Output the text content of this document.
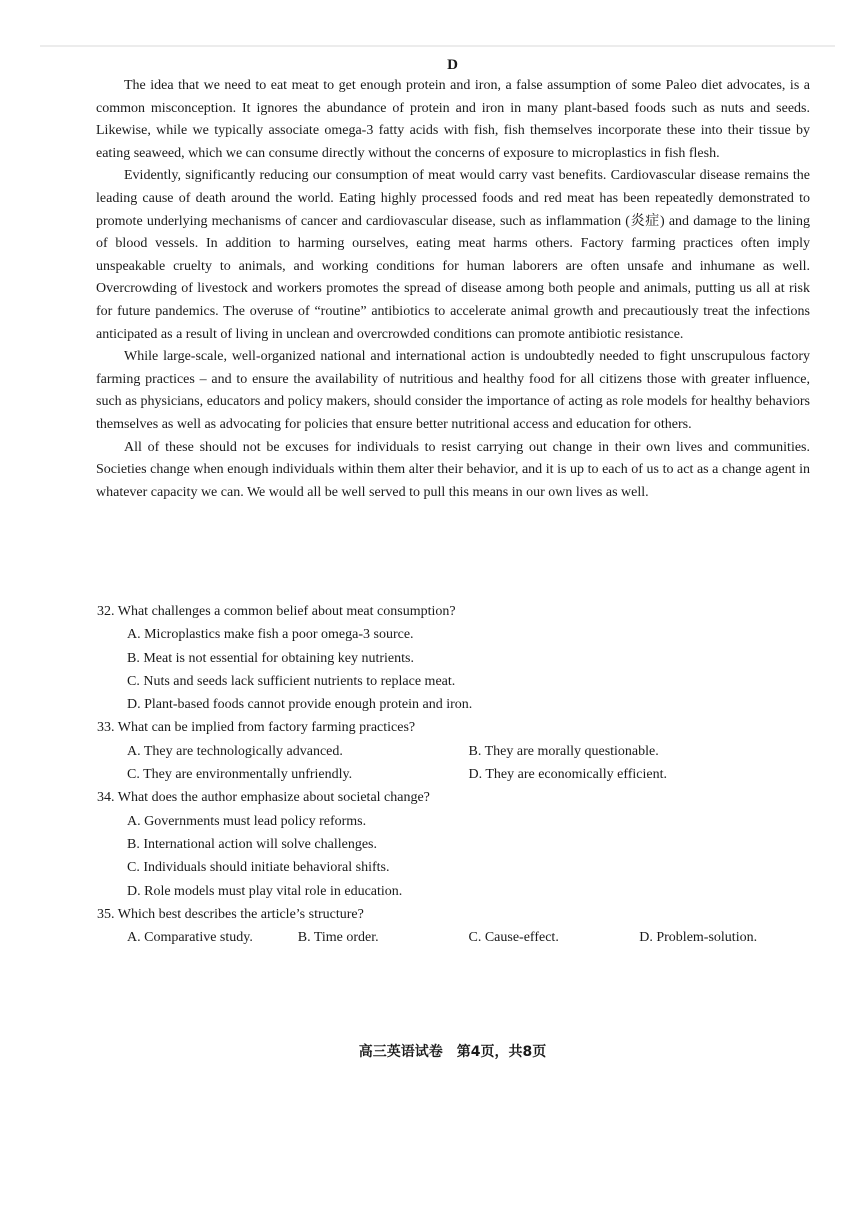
D

The idea that we need to eat meat to get enough protein and iron, a false assumption of some Paleo diet advocates, is a common misconception. It ignores the abundance of protein and iron in many plant-based foods such as nuts and seeds. Likewise, while we typically associate omega-3 fatty acids with fish, fish themselves incorporate these into their tissue by eating seaweed, which we can consume directly without the concerns of exposure to microplastics in fish flesh.

Evidently, significantly reducing our consumption of meat would carry vast benefits. Cardiovascular disease remains the leading cause of death around the world. Eating highly processed foods and red meat has been repeatedly demonstrated to promote underlying mechanisms of cancer and cardiovascular disease, such as inflammation (炎症) and damage to the lining of blood vessels. In addition to harming ourselves, eating meat harms others. Factory farming practices often imply unspeakable cruelty to animals, and working conditions for human laborers are often unsafe and inhumane as well. Overcrowding of livestock and workers promotes the spread of disease among both people and animals, putting us all at risk for future pandemics. The overuse of “routine” antibiotics to accelerate animal growth and precautiously treat the infections anticipated as a result of living in unclean and overcrowded conditions can promote antibiotic resistance.

While large-scale, well-organized national and international action is undoubtedly needed to fight unscrupulous factory farming practices – and to ensure the availability of nutritious and healthy food for all citizens those with greater influence, such as physicians, educators and policy makers, should consider the importance of acting as role models for healthy behaviors themselves as well as advocating for policies that ensure better nutritional access and education for others.

All of these should not be excuses for individuals to resist carrying out change in their own lives and communities. Societies change when enough individuals within them alter their behavior, and it is up to each of us to act as a change agent in whatever capacity we can. We would all be well served to pull this means in our own lives as well.

32. What challenges a common belief about meat consumption?

A. Microplastics make fish a poor omega-3 source.

B. Meat is not essential for obtaining key nutrients.

C. Nuts and seeds lack sufficient nutrients to replace meat.

D. Plant-based foods cannot provide enough protein and iron.

33. What can be implied from factory farming practices?

A. They are technologically advanced.	B. They are morally questionable.
C. They are environmentally unfriendly.	D. They are economically efficient.

34. What does the author emphasize about societal change?

A. Governments must lead policy reforms.

B. International action will solve challenges.

C. Individuals should initiate behavioral shifts.

D. Role models must play vital role in education.

35. Which best describes the article’s structure?

A. Comparative study.	B. Time order.	C. Cause-effect.	D. Problem-solution.
高三英语试卷　第4页，共8页
